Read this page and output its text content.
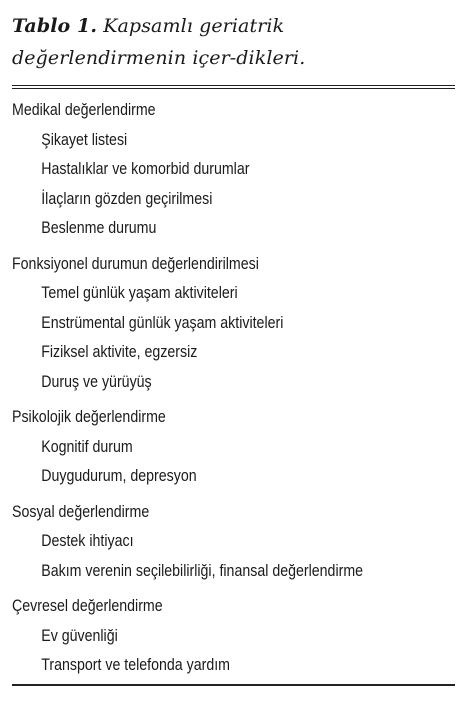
Tablo 1. Kapsamlı geriatrik değerlendirmenin içer-dikleri.
Medikal değerlendirme
Şikayet listesi
Hastalıklar ve komorbid durumlar
İlaçların gözden geçirilmesi
Beslenme durumu
Fonksiyonel durumun değerlendirilmesi
Temel günlük yaşam aktiviteleri
Enstrümental günlük yaşam aktiviteleri
Fiziksel aktivite, egzersiz
Duruş ve yürüyüş
Psikolojik değerlendirme
Kognitif durum
Duygudurum, depresyon
Sosyal değerlendirme
Destek ihtiyacı
Bakım verenin seçilebilirliği, finansal değerlendirme
Çevresel değerlendirme
Ev güvenliği
Transport ve telefonda yardım
